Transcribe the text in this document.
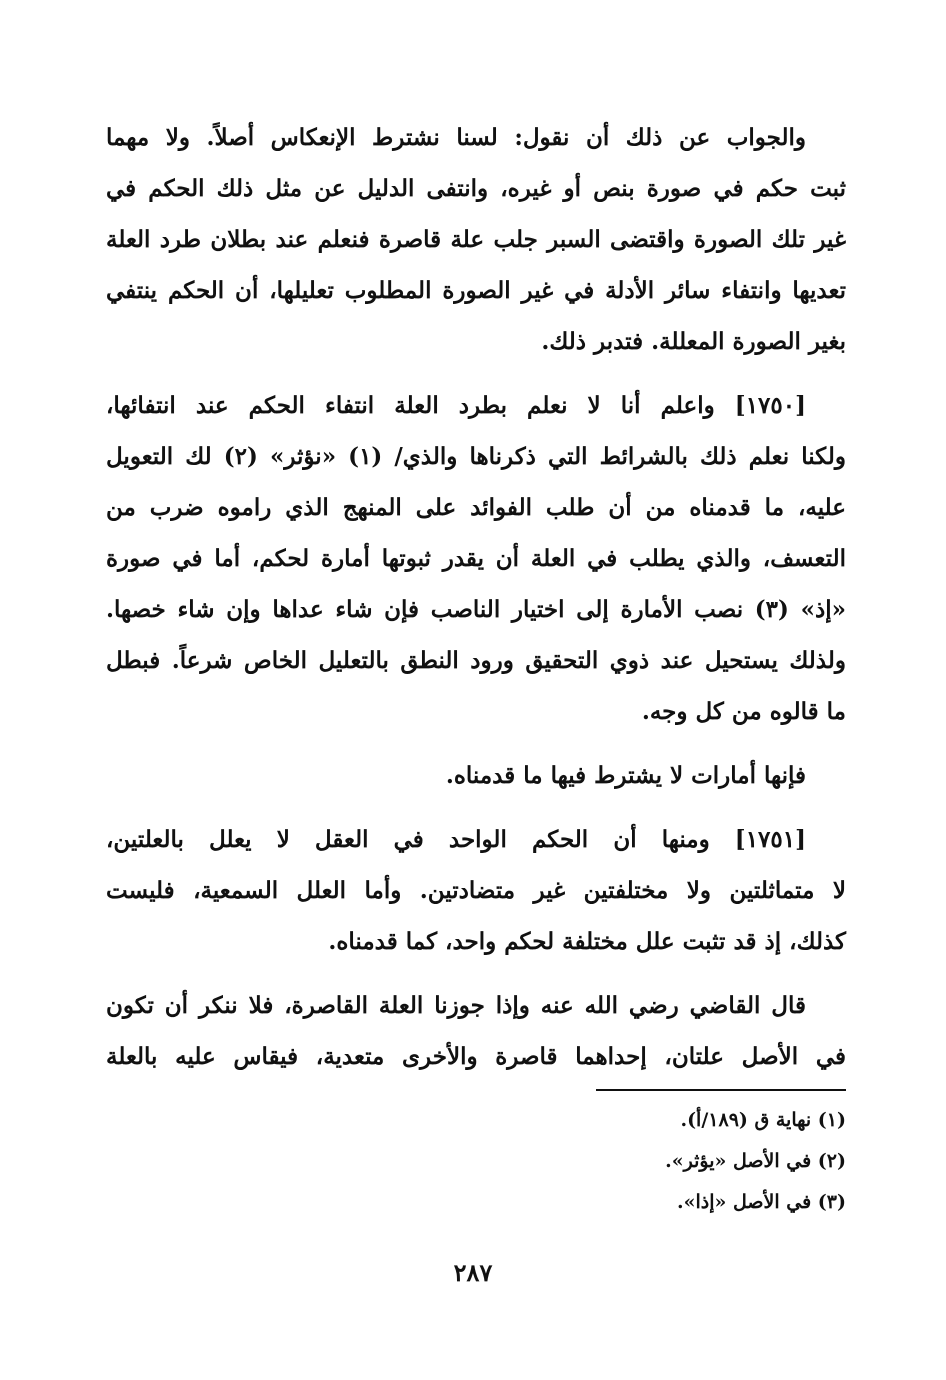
والجواب عن ذلك أن نقول: لسنا نشترط الإنعكاس أصلاً. ولا مهما
ثبت حكم في صورة بنص أو غيره، وانتفى الدليل عن مثل ذلك الحكم في
غير تلك الصورة واقتضى السبر جلب علة قاصرة فنعلم عند بطلان طرد العلة
تعديها وانتفاء سائر الأدلة في غير الصورة المطلوب تعليلها، أن الحكم ينتفي
بغير الصورة المعللة. فتدبر ذلك.
[١٧٥٠] واعلم أنا لا نعلم بطرد العلة انتفاء الحكم عند انتفائها،
ولكنا نعلم ذلك بالشرائط التي ذكرناها والذي/ (١) «نؤثر» (٢) لك التعويل
عليه، ما قدمناه من أن طلب الفوائد على المنهج الذي راموه ضرب من
التعسف، والذي يطلب في العلة أن يقدر ثبوتها أمارة لحكم، أما في صورة
«إذ» (٣) نصب الأمارة إلى اختيار الناصب فإن شاء عداها وإن شاء خصها.
ولذلك يستحيل عند ذوي التحقيق ورود النطق بالتعليل الخاص شرعاً. فبطل
ما قالوه من كل وجه.
فإنها أمارات لا يشترط فيها ما قدمناه.
[١٧٥١] ومنها أن الحكم الواحد في العقل لا يعلل بالعلتين،
لا متماثلتين ولا مختلفتين غير متضادتين. وأما العلل السمعية، فليست
كذلك، إذ قد تثبت علل مختلفة لحكم واحد، كما قدمناه.
قال القاضي رضي الله عنه وإذا جوزنا العلة القاصرة، فلا ننكر أن تكون
في الأصل علتان، إحداهما قاصرة والأخرى متعدية، فيقاس عليه بالعلة
(١) نهاية ق (١٨٩/أ).
(٢) في الأصل «يؤثر».
(٣) في الأصل «إذا».
٢٨٧
